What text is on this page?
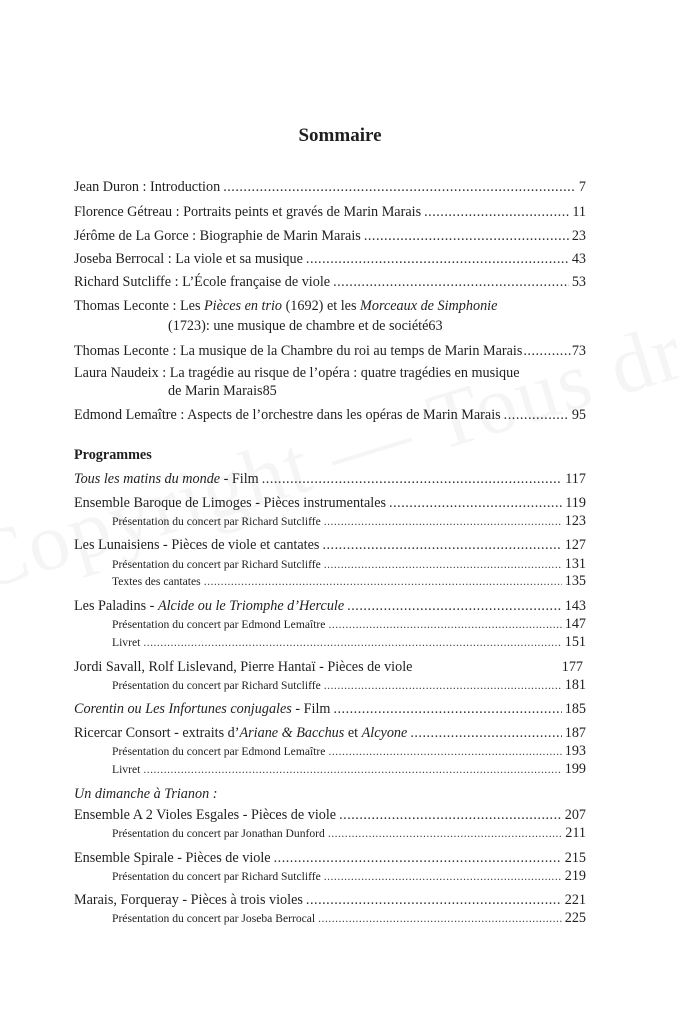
Sommaire
Jean Duron : Introduction .....	7
Florence Gétreau : Portraits peints et gravés de Marin Marais .....	11
Jérôme de La Gorce : Biographie de Marin Marais .....	23
Joseba Berrocal : La viole et sa musique .....	43
Richard Sutcliffe : L’École française de viole .....	53
Thomas Leconte : Les Pièces en trio (1692) et les Morceaux de Simphonie
(1723): une musique de chambre et de société 63
Thomas Leconte : La musique de la Chambre du roi au temps de Marin Marais .....	73
Laura Naudeix : La tragédie au risque de l’opéra : quatre tragédies en musique
de Marin Marais 85
Edmond Lemaître : Aspects de l’orchestre dans les opéras de Marin Marais .....	95
Programmes
Tous les matins du monde - Film .....	117
Ensemble Baroque de Limoges - Pièces instrumentales .....	119
Présentation du concert par Richard Sutcliffe .....	123
Les Lunaisiens - Pièces de viole et cantates .....	127
Présentation du concert par Richard Sutcliffe .....	131
Textes des cantates .....	135
Les Paladins - Alcide ou le Triomphe d’Hercule .....	143
Présentation du concert par Edmond Lemaître .....	147
Livret .....	151
Jordi Savall, Rolf Lislevand, Pierre Hantaï - Pièces de viole	177
Présentation du concert par Richard Sutcliffe .....	181
Corentin ou Les Infortunes conjugales - Film .....	185
Ricercar Consort - extraits d’Ariane & Bacchus et Alcyone .....	187
Présentation du concert par Edmond Lemaître .....	193
Livret .....	199
Un dimanche à Trianon :
Ensemble A 2 Violes Esgales - Pièces de viole .....	207
Présentation du concert par Jonathan Dunford .....	211
Ensemble Spirale - Pièces de viole .....	215
Présentation du concert par Richard Sutcliffe .....	219
Marais, Forqueray - Pièces à trois violes .....	221
Présentation du concert par Joseba Berrocal .....	225
